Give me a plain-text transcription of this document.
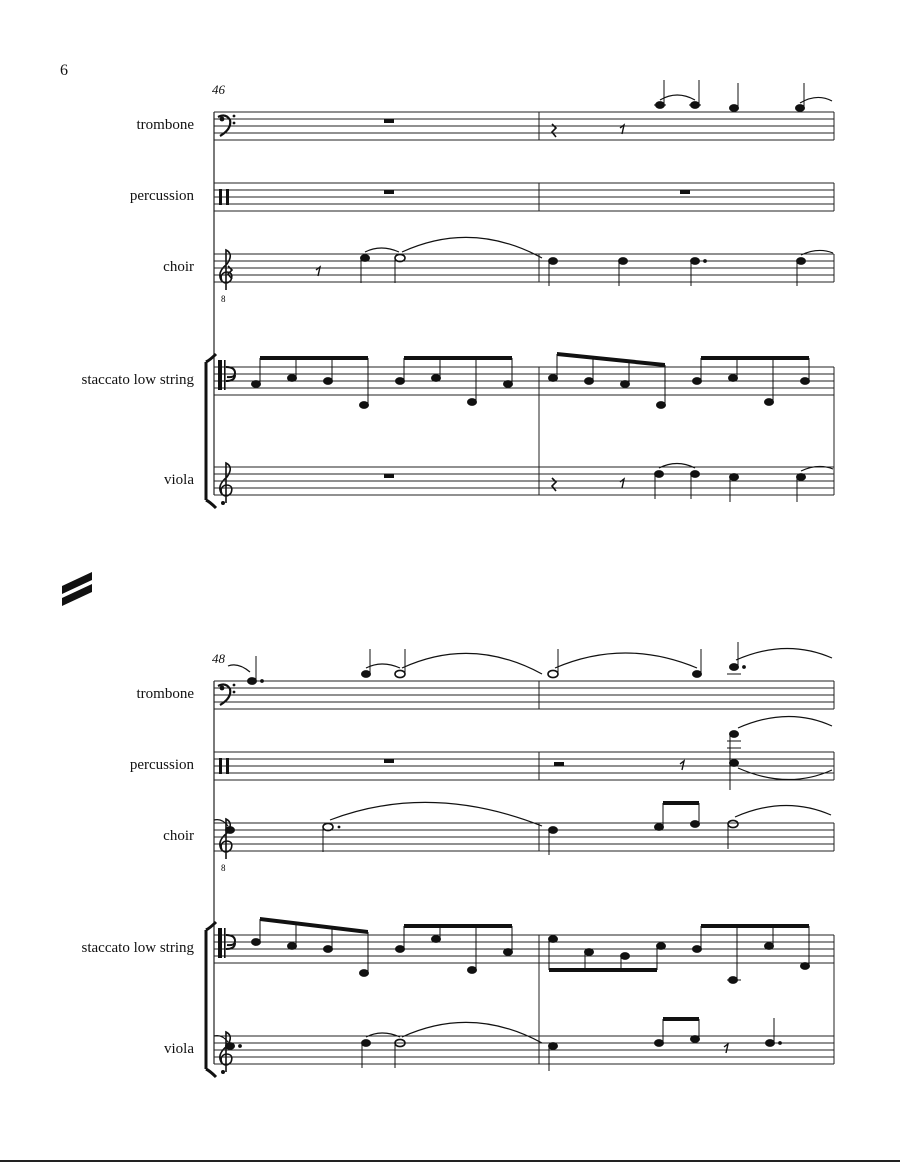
6
46
trombone
percussion
choir
staccato low string
viola
48
trombone
percussion
choir
staccato low string
viola
8
8
